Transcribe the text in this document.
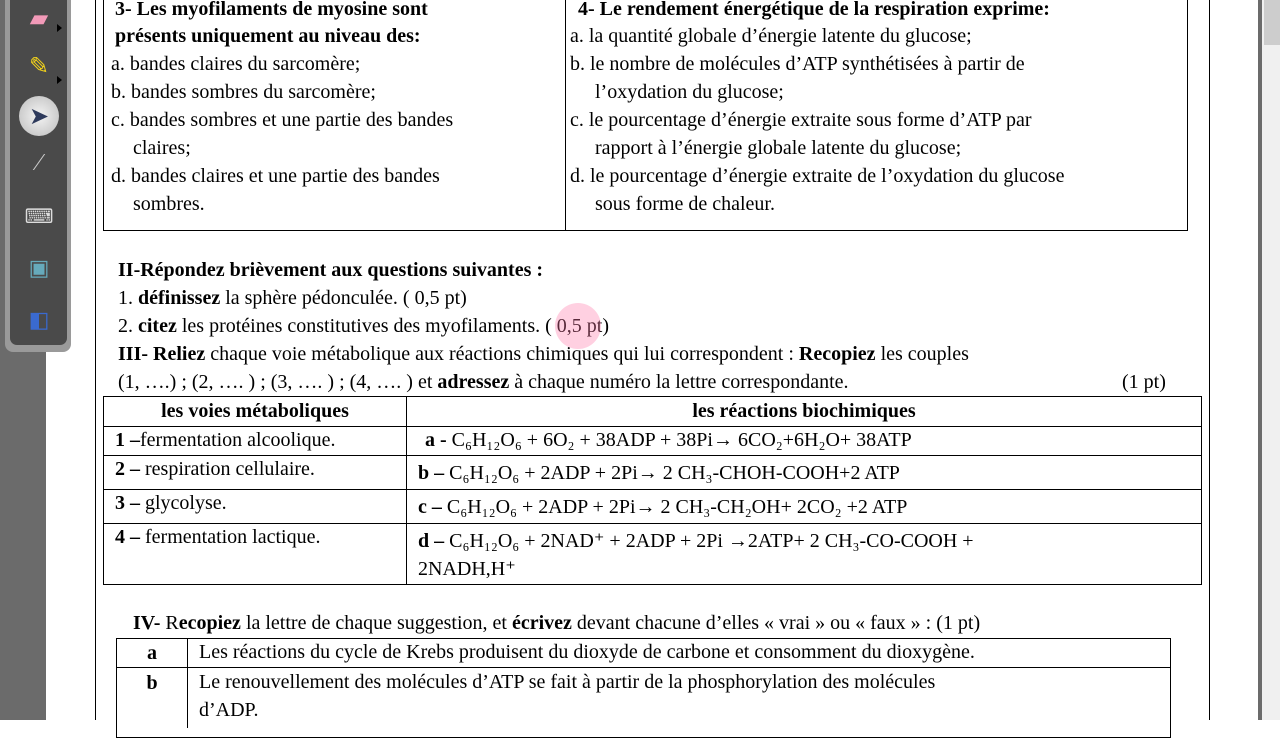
▰
✎
➤
⁄
⌨
▣
◧
3- Les myofilaments de myosine sont
présents uniquement au niveau des:
a. bandes claires du sarcomère;
b. bandes sombres du sarcomère;
c. bandes sombres et une partie des bandes
claires;
d. bandes claires et une partie des bandes
sombres.
4- Le rendement énergétique de la respiration exprime:
a. la quantité globale d’énergie latente du glucose;
b. le nombre de molécules d’ATP synthétisées à partir de
l’oxydation du glucose;
c. le pourcentage d’énergie extraite sous forme d’ATP par
rapport à l’énergie globale latente du glucose;
d. le pourcentage d’énergie extraite de l’oxydation du glucose
sous forme de chaleur.
II-Répondez brièvement aux questions suivantes :
1. définissez la sphère pédonculée. ( 0,5 pt)
2. citez les protéines constitutives des myofilaments. ( 0,5 pt)
III- Reliez chaque voie métabolique aux réactions chimiques qui lui correspondent : Recopiez les couples
(1, ….) ; (2, …. ) ; (3, …. ) ; (4, …. ) et adressez à chaque numéro la lettre correspondante.	(1 pt)
les voies métaboliques	les réactions biochimiques
1 –fermentation alcoolique.	a - C₆H₁₂O₆ + 6O₂ + 38ADP + 38Pi→ 6CO₂+6H₂O+ 38ATP
2 – respiration cellulaire.	b – C₆H₁₂O₆ + 2ADP + 2Pi→ 2 CH₃-CHOH-COOH+2 ATP
3 – glycolyse.	c – C₆H₁₂O₆ + 2ADP + 2Pi→ 2 CH₃-CH₂OH+ 2CO₂ +2 ATP
4 – fermentation lactique.	d – C₆H₁₂O₆ + 2NAD⁺ + 2ADP + 2Pi →2ATP+ 2 CH₃-CO-COOH +
2NADH,H⁺
IV- Recopiez la lettre de chaque suggestion, et écrivez devant chacune d’elles « vrai » ou « faux » : (1 pt)
a	Les réactions du cycle de Krebs produisent du dioxyde de carbone et consomment du dioxygène.
b	Le renouvellement des molécules d’ATP se fait à partir de la phosphorylation des molécules
d’ADP.
